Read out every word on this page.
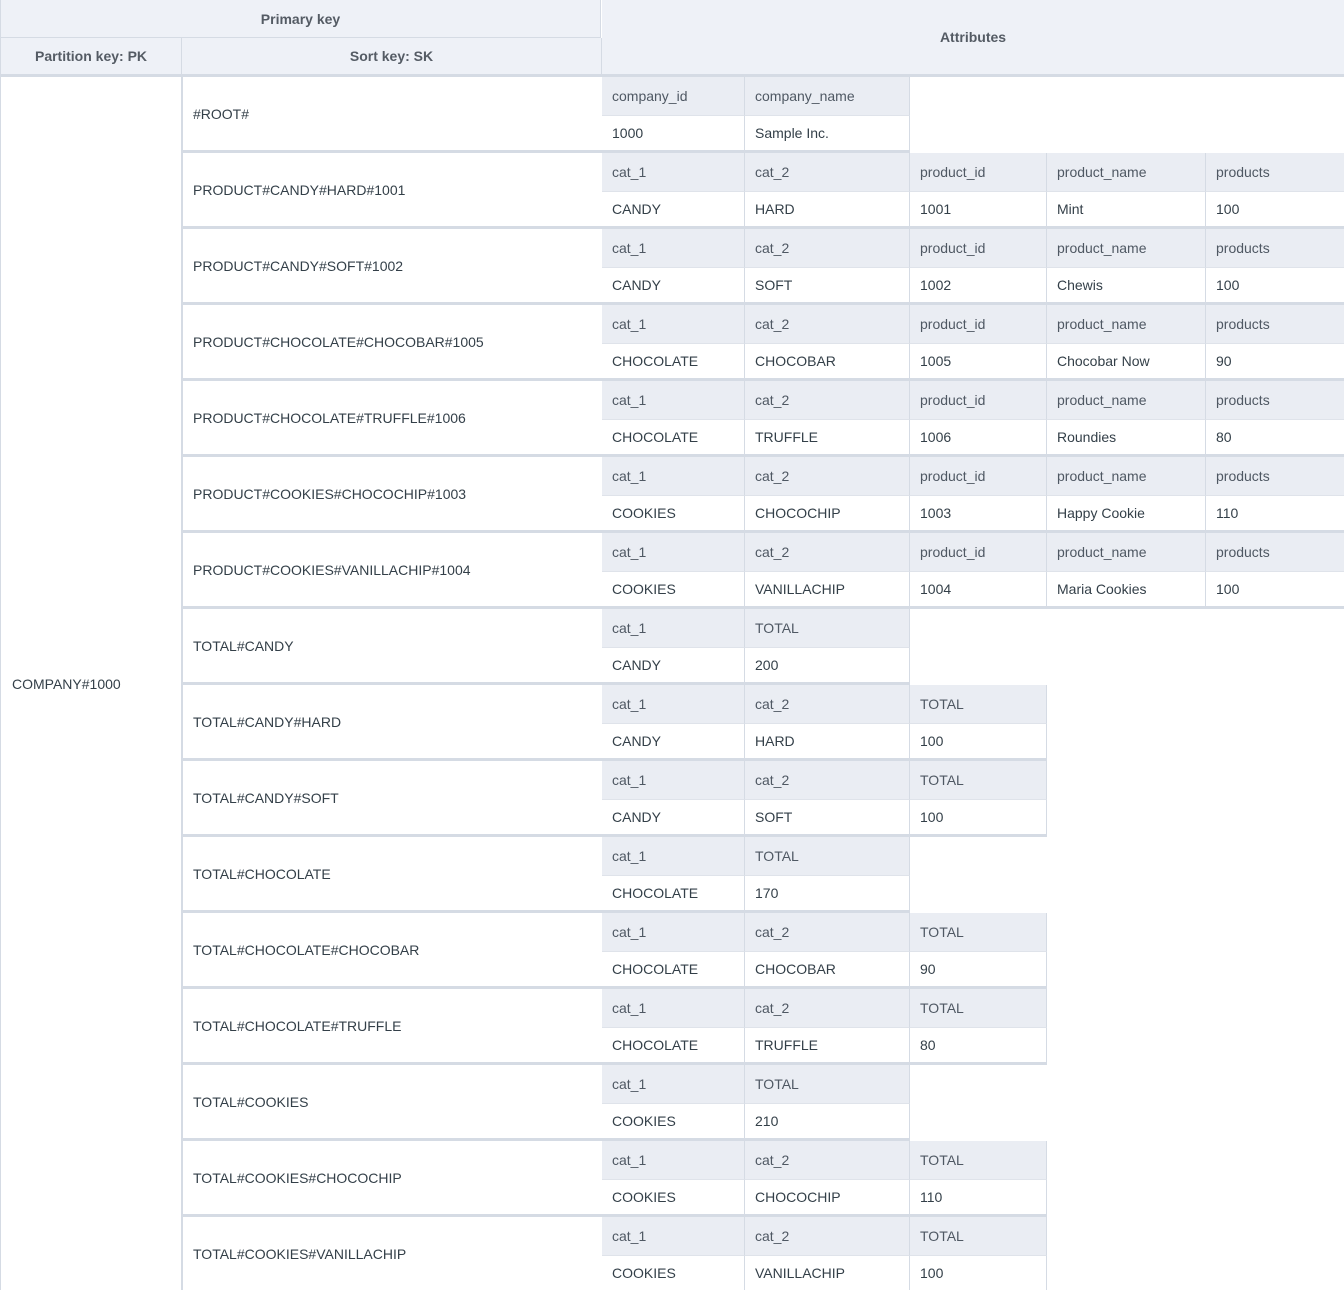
Primary key
Partition key: PK	Sort key: SK
Attributes
COMPANY#1000
#ROOT#
company_id
1000
company_name
Sample Inc.
PRODUCT#CANDY#HARD#1001
cat_1
CANDY
cat_2
HARD
product_id
1001
product_name
Mint
products
100
PRODUCT#CANDY#SOFT#1002
cat_1
CANDY
cat_2
SOFT
product_id
1002
product_name
Chewis
products
100
PRODUCT#CHOCOLATE#CHOCOBAR#1005
cat_1
CHOCOLATE
cat_2
CHOCOBAR
product_id
1005
product_name
Chocobar Now
products
90
PRODUCT#CHOCOLATE#TRUFFLE#1006
cat_1
CHOCOLATE
cat_2
TRUFFLE
product_id
1006
product_name
Roundies
products
80
PRODUCT#COOKIES#CHOCOCHIP#1003
cat_1
COOKIES
cat_2
CHOCOCHIP
product_id
1003
product_name
Happy Cookie
products
110
PRODUCT#COOKIES#VANILLACHIP#1004
cat_1
COOKIES
cat_2
VANILLACHIP
product_id
1004
product_name
Maria Cookies
products
100
TOTAL#CANDY
cat_1
CANDY
TOTAL
200
TOTAL#CANDY#HARD
cat_1
CANDY
cat_2
HARD
TOTAL
100
TOTAL#CANDY#SOFT
cat_1
CANDY
cat_2
SOFT
TOTAL
100
TOTAL#CHOCOLATE
cat_1
CHOCOLATE
TOTAL
170
TOTAL#CHOCOLATE#CHOCOBAR
cat_1
CHOCOLATE
cat_2
CHOCOBAR
TOTAL
90
TOTAL#CHOCOLATE#TRUFFLE
cat_1
CHOCOLATE
cat_2
TRUFFLE
TOTAL
80
TOTAL#COOKIES
cat_1
COOKIES
TOTAL
210
TOTAL#COOKIES#CHOCOCHIP
cat_1
COOKIES
cat_2
CHOCOCHIP
TOTAL
110
TOTAL#COOKIES#VANILLACHIP
cat_1
COOKIES
cat_2
VANILLACHIP
TOTAL
100
